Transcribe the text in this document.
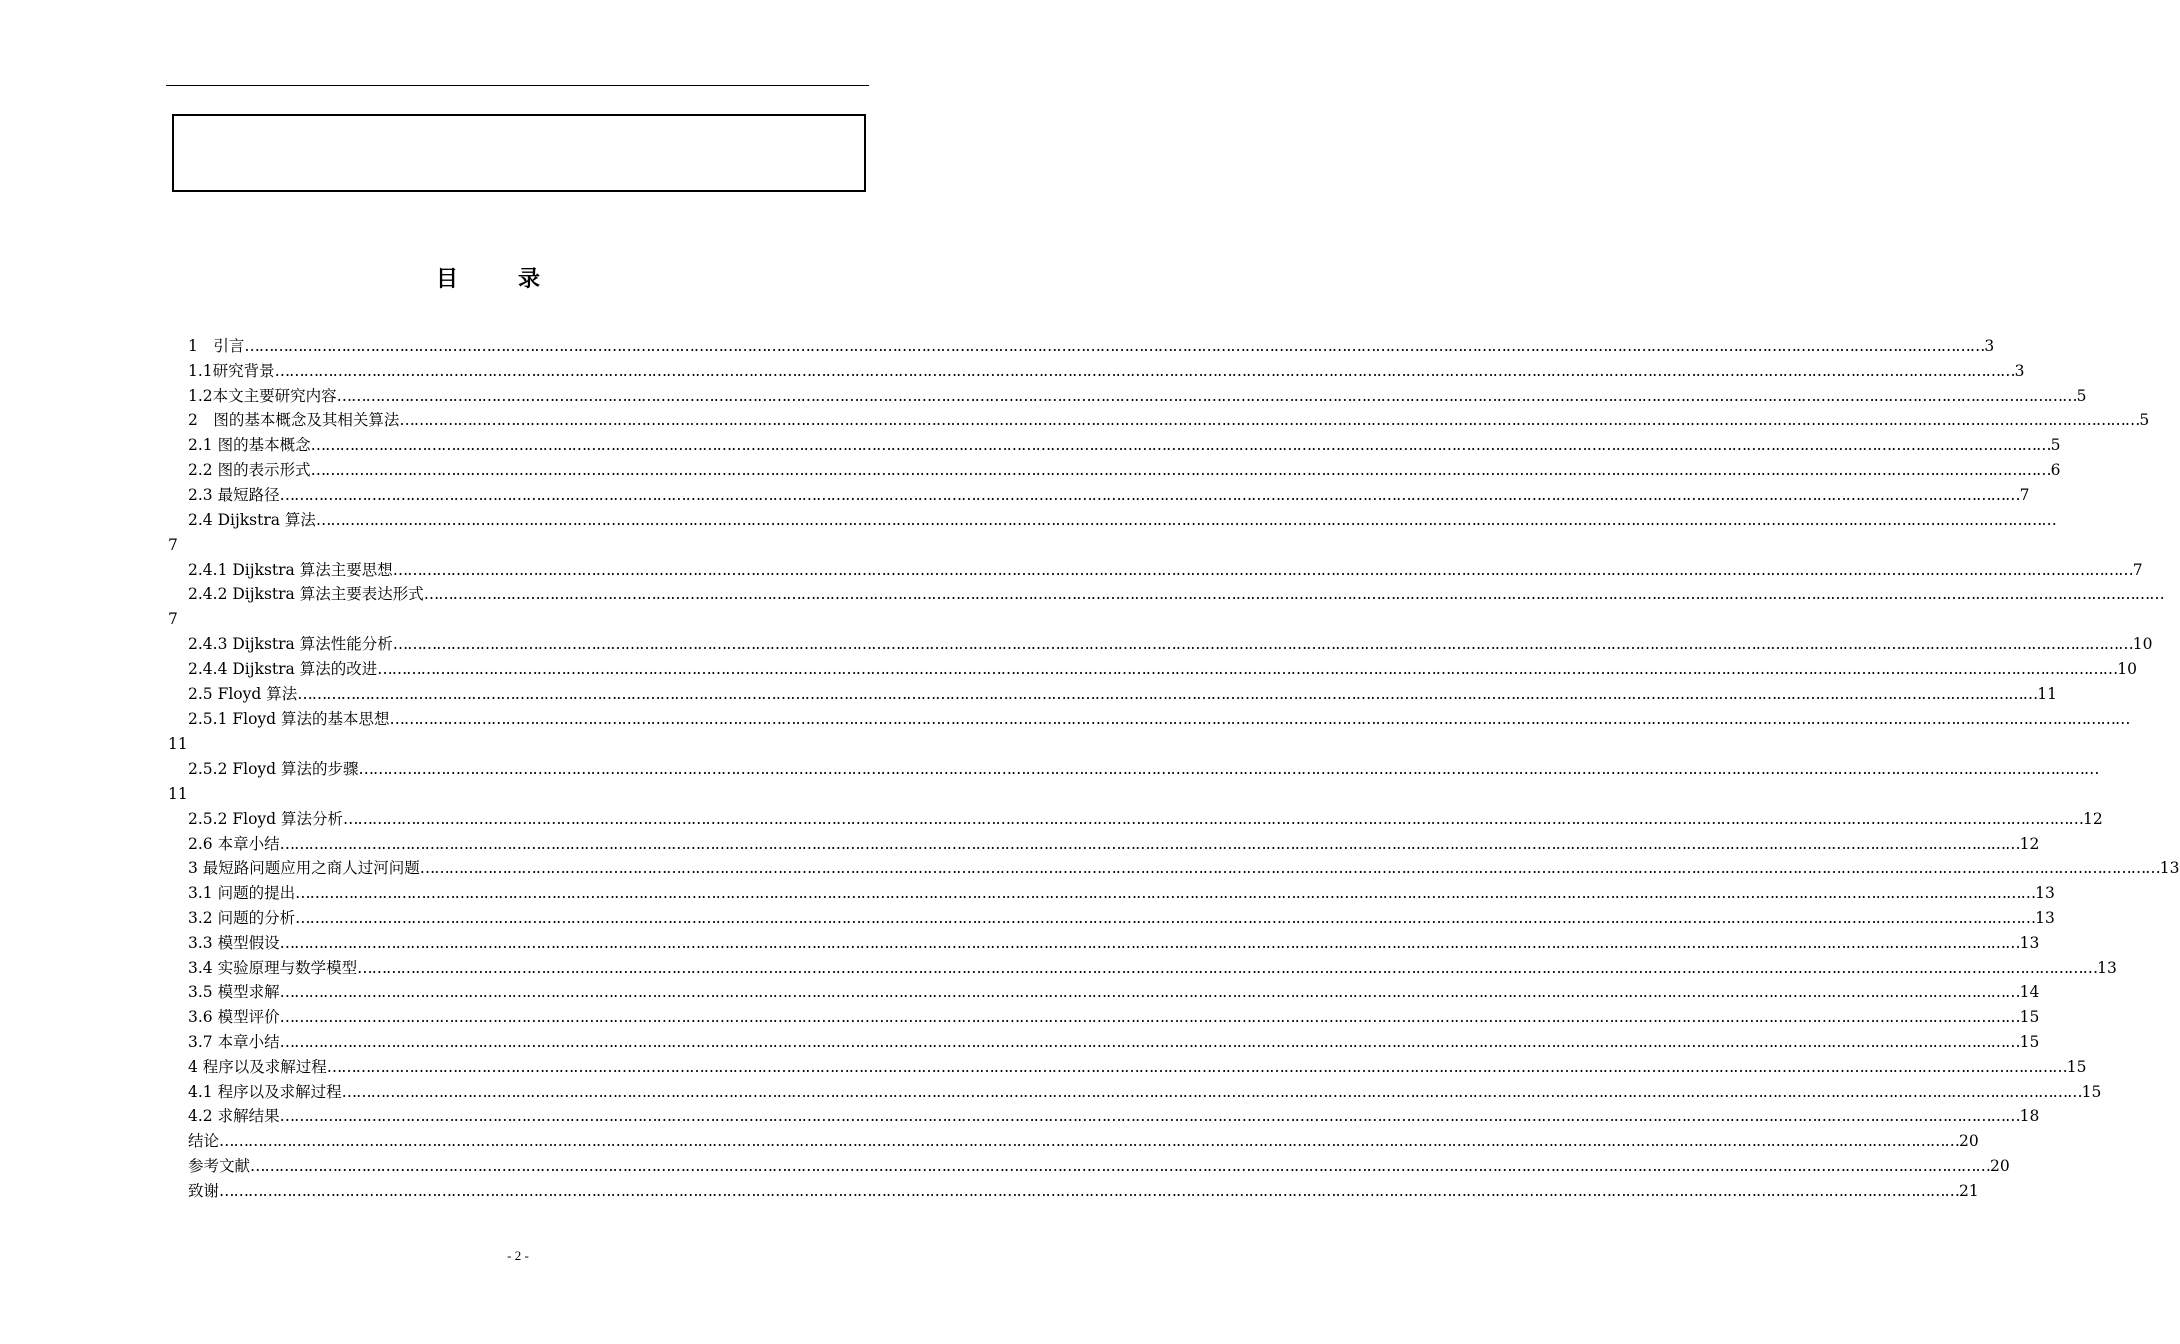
目录
1　引言 ……………………………………………………………………………………………………………………………………………………………………………………………………………………………………………………………………………………………………………………………… 3
1.1研究背景 ……………………………………………………………………………………………………………………………………………………………………………………………………………………………………………………………………………………………………………………………… 3
1.2本文主要研究内容 ……………………………………………………………………………………………………………………………………………………………………………………………………………………………………………………………………………………………………………………………… 5
2　图的基本概念及其相关算法 ……………………………………………………………………………………………………………………………………………………………………………………………………………………………………………………………………………………………………………………………… 5
2.1 图的基本概念 ……………………………………………………………………………………………………………………………………………………………………………………………………………………………………………………………………………………………………………………………… 5
2.2 图的表示形式 ……………………………………………………………………………………………………………………………………………………………………………………………………………………………………………………………………………………………………………………………… 6
2.3 最短路径 ……………………………………………………………………………………………………………………………………………………………………………………………………………………………………………………………………………………………………………………………… 7
2.4 Dijkstra 算法 ………………………………………………………………………………………………………………………………………………………………………………………………………………………………………………………………………………………………………………………………
7
2.4.1 Dijkstra 算法主要思想 ……………………………………………………………………………………………………………………………………………………………………………………………………………………………………………………………………………………………………………………………… 7
2.4.2 Dijkstra 算法主要表达形式 ………………………………………………………………………………………………………………………………………………………………………………………………………………………………………………………………………………………………………………………………
7
2.4.3 Dijkstra 算法性能分析 ……………………………………………………………………………………………………………………………………………………………………………………………………………………………………………………………………………………………………………………………… 10
2.4.4 Dijkstra 算法的改进 ……………………………………………………………………………………………………………………………………………………………………………………………………………………………………………………………………………………………………………………………… 10
2.5 Floyd 算法 ……………………………………………………………………………………………………………………………………………………………………………………………………………………………………………………………………………………………………………………………… 11
2.5.1 Floyd 算法的基本思想 ………………………………………………………………………………………………………………………………………………………………………………………………………………………………………………………………………………………………………………………………
11
2.5.2 Floyd 算法的步骤 ………………………………………………………………………………………………………………………………………………………………………………………………………………………………………………………………………………………………………………………………
11
2.5.2 Floyd 算法分析 ……………………………………………………………………………………………………………………………………………………………………………………………………………………………………………………………………………………………………………………………… 12
2.6 本章小结 ……………………………………………………………………………………………………………………………………………………………………………………………………………………………………………………………………………………………………………………………… 12
3 最短路问题应用之商人过河问题 ……………………………………………………………………………………………………………………………………………………………………………………………………………………………………………………………………………………………………………………………… 13
3.1 问题的提出 ……………………………………………………………………………………………………………………………………………………………………………………………………………………………………………………………………………………………………………………………… 13
3.2 问题的分析 ……………………………………………………………………………………………………………………………………………………………………………………………………………………………………………………………………………………………………………………………… 13
3.3 模型假设 ……………………………………………………………………………………………………………………………………………………………………………………………………………………………………………………………………………………………………………………………… 13
3.4 实验原理与数学模型 ……………………………………………………………………………………………………………………………………………………………………………………………………………………………………………………………………………………………………………………………… 13
3.5 模型求解 ……………………………………………………………………………………………………………………………………………………………………………………………………………………………………………………………………………………………………………………………… 14
3.6 模型评价 ……………………………………………………………………………………………………………………………………………………………………………………………………………………………………………………………………………………………………………………………… 15
3.7 本章小结 ……………………………………………………………………………………………………………………………………………………………………………………………………………………………………………………………………………………………………………………………… 15
4 程序以及求解过程 ……………………………………………………………………………………………………………………………………………………………………………………………………………………………………………………………………………………………………………………………… 15
4.1 程序以及求解过程 ……………………………………………………………………………………………………………………………………………………………………………………………………………………………………………………………………………………………………………………………… 15
4.2 求解结果 ……………………………………………………………………………………………………………………………………………………………………………………………………………………………………………………………………………………………………………………………… 18
结论 ……………………………………………………………………………………………………………………………………………………………………………………………………………………………………………………………………………………………………………………………… 20
参考文献 ……………………………………………………………………………………………………………………………………………………………………………………………………………………………………………………………………………………………………………………………… 20
致谢 ……………………………………………………………………………………………………………………………………………………………………………………………………………………………………………………………………………………………………………………………… 21
- 2 -
